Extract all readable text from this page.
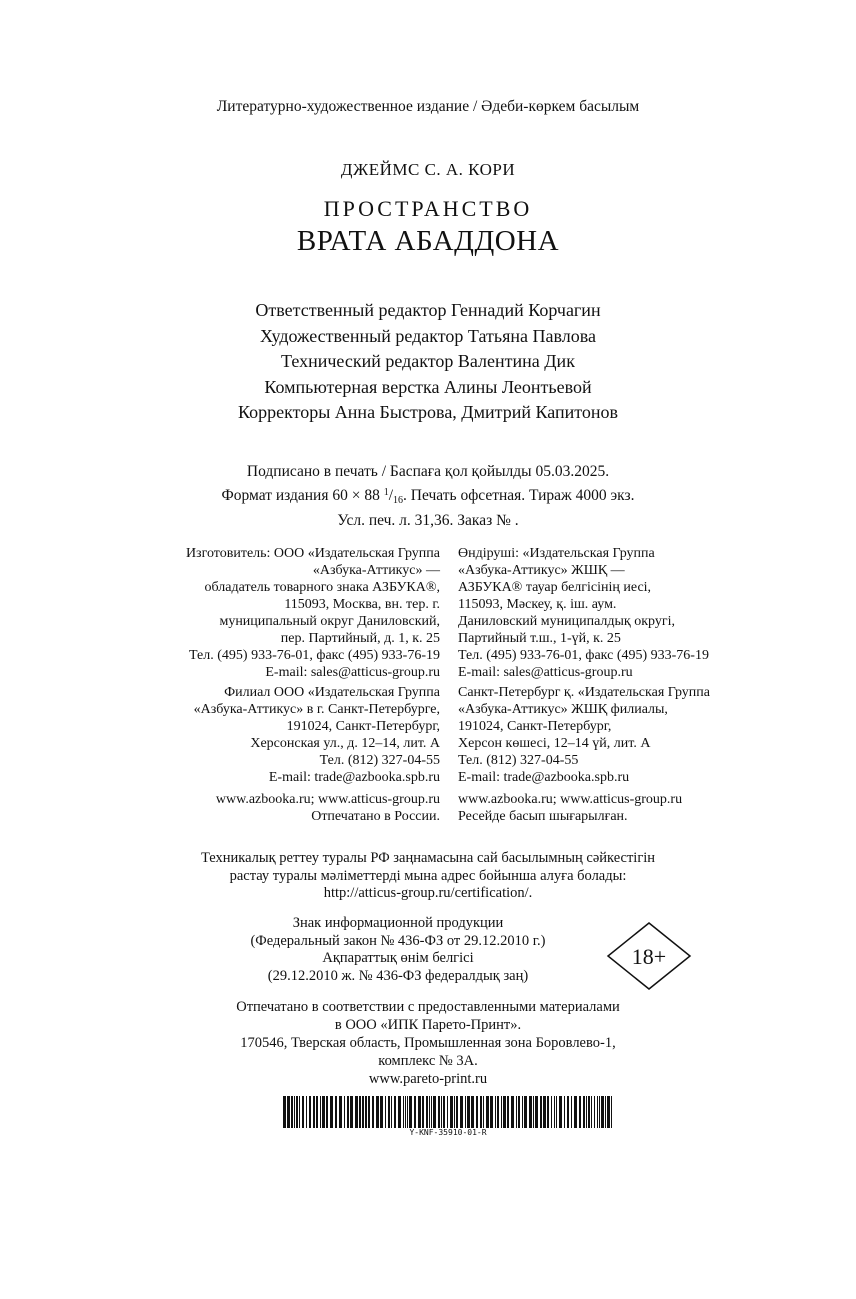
Литературно-художественное издание / Әдеби-көркем басылым
ДЖЕЙМС С. А. КОРИ
ПРОСТРАНСТВО
ВРАТА АБАДДОНА
Ответственный редактор Геннадий Корчагин
Художественный редактор Татьяна Павлова
Технический редактор Валентина Дик
Компьютерная верстка Алины Леонтьевой
Корректоры Анна Быстрова, Дмитрий Капитонов
Подписано в печать / Баспаға қол қойылды 05.03.2025.
Формат издания 60 × 88 $^1$/16. Печать офсетная. Тираж 4000 экз.
Усл. печ. л. 31,36. Заказ № .
Изготовитель: ООО «Издательская Группа
«Азбука-Аттикус» —
обладатель товарного знака АЗБУКА®,
115093, Москва, вн. тер. г.
муниципальный округ Даниловский,
пер. Партийный, д. 1, к. 25
Тел. (495) 933-76-01, факс (495) 933-76-19
E-mail: sales@atticus-group.ru
Филиал ООО «Издательская Группа
«Азбука-Аттикус» в г. Санкт-Петербурге,
191024, Санкт-Петербург,
Херсонская ул., д. 12–14, лит. А
Тел. (812) 327-04-55
E-mail: trade@azbooka.spb.ru
www.azbooka.ru; www.atticus-group.ru
Отпечатано в России.
Өндіруші: «Издательская Группа
«Азбука-Аттикус» ЖШҚ —
АЗБУКА® тауар белгісінің иесі,
115093, Мәскеу, қ. іш. аум.
Даниловский муниципалдық округі,
Партийный т.ш., 1-үй, к. 25
Тел. (495) 933-76-01, факс (495) 933-76-19
E-mail: sales@atticus-group.ru
Санкт-Петербург қ. «Издательская Группа
«Азбука-Аттикус» ЖШҚ филиалы,
191024, Санкт-Петербург,
Херсон көшесі, 12–14 үй, лит. А
Тел. (812) 327-04-55
E-mail: trade@azbooka.spb.ru
www.azbooka.ru; www.atticus-group.ru
Ресейде басып шығарылған.
Техникалық реттеу туралы РФ заңнамасына сай басылымның сәйкестігін
растау туралы мәліметтерді мына адрес бойынша алуға болады:
http://atticus-group.ru/certification/.
Знак информационной продукции
(Федеральный закон № 436-ФЗ от 29.12.2010 г.)
Ақпараттық өнім белгісі
(29.12.2010 ж. № 436-ФЗ федералдық заң)
18+
Отпечатано в соответствии с предоставленными материалами
в ООО «ИПК Парето-Принт».
170546, Тверская область, Промышленная зона Боровлево-1,
комплекс № 3А.
www.pareto-print.ru
Y-KNF-35910-01-R
